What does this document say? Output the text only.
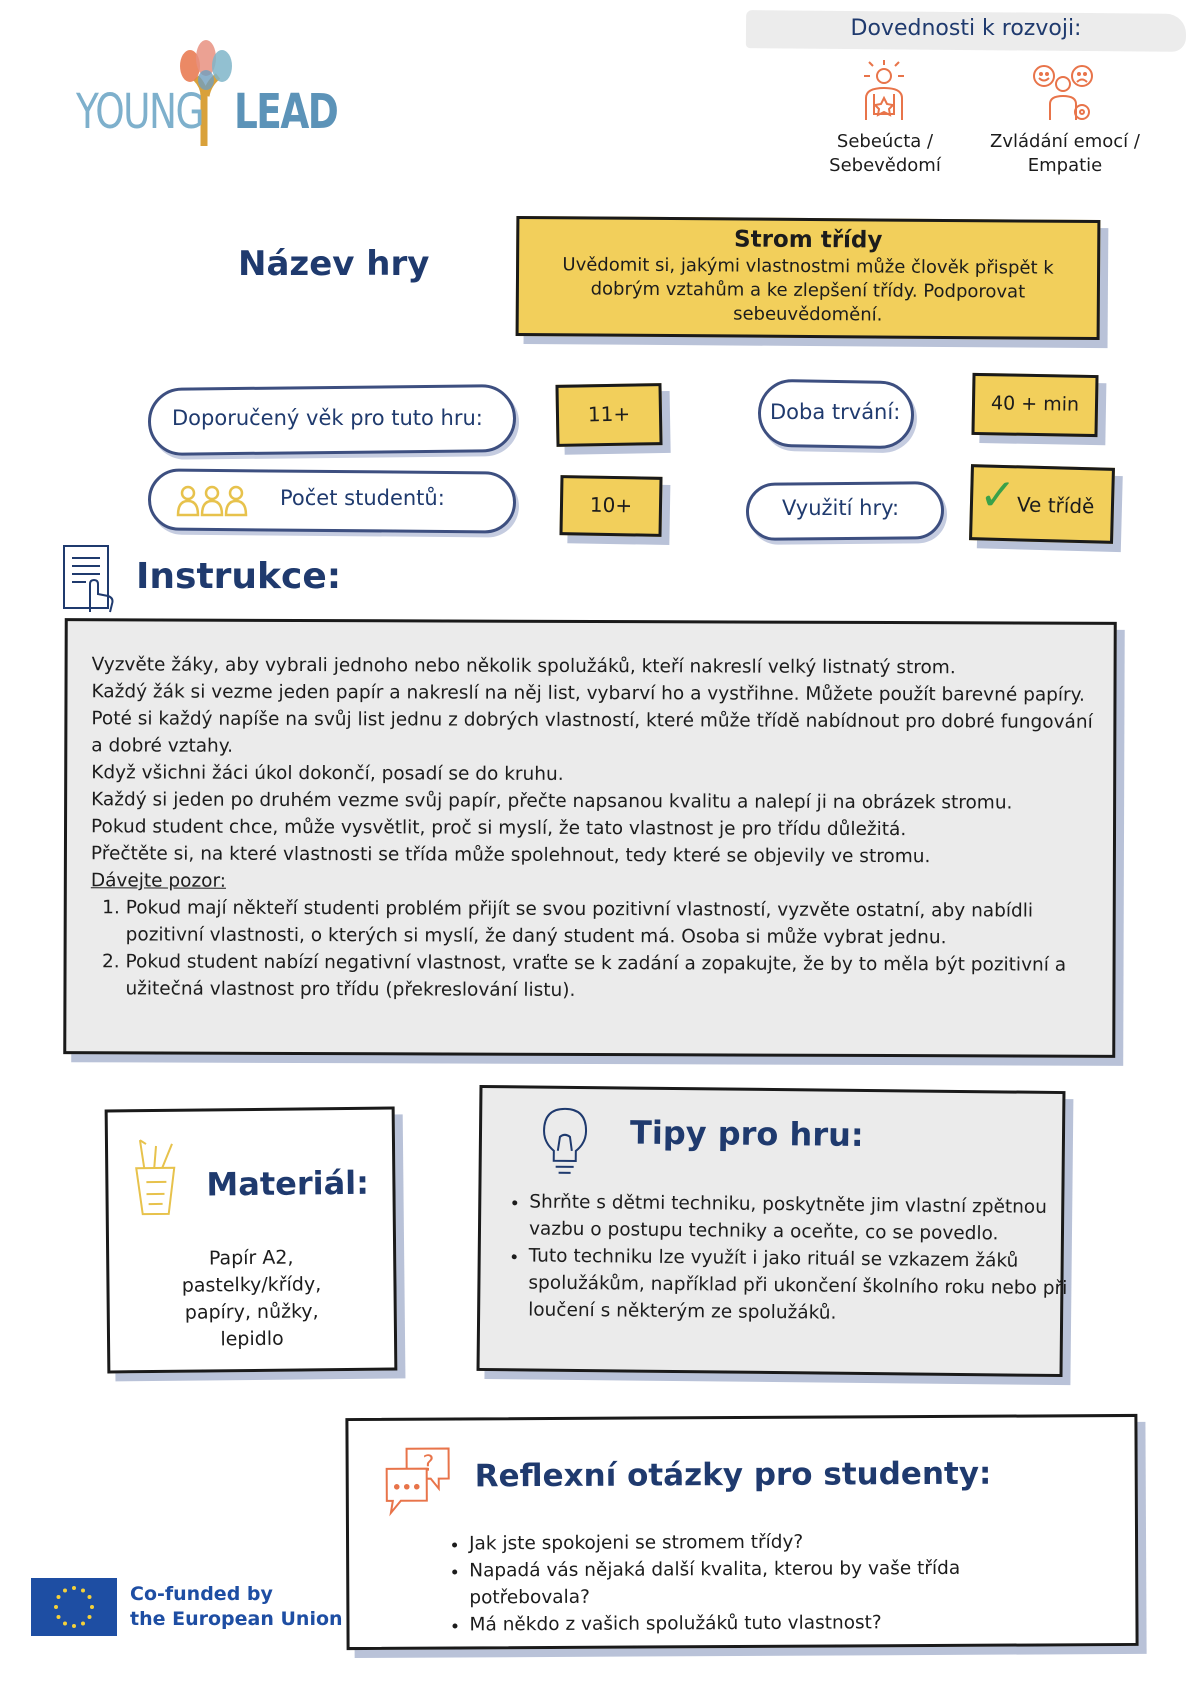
YOUNG LEAD
Dovednosti k rozvoji:
Sebeúcta /
Sebevědomí
Zvládání emocí /
Empatie
Název hry
Strom třídy
Uvědomit si, jakými vlastnostmi může člověk přispět k dobrým vztahům a ke zlepšení třídy. Podporovat sebeuvědomění.
Doporučený věk pro tuto hru:	11+	Doba trvání:	40 + min
Počet studentů:	10+	Využití hry: ✓ Ve třídě
Instrukce:
Vyzvěte žáky, aby vybrali jednoho nebo několik spolužáků, kteří nakreslí velký listnatý strom.
Každý žák si vezme jeden papír a nakreslí na něj list, vybarví ho a vystřihne. Můžete použít barevné papíry.
Poté si každý napíše na svůj list jednu z dobrých vlastností, které může třídě nabídnout pro dobré fungování a dobré vztahy.
Když všichni žáci úkol dokončí, posadí se do kruhu.
Každý si jeden po druhém vezme svůj papír, přečte napsanou kvalitu a nalepí ji na obrázek stromu.
Pokud student chce, může vysvětlit, proč si myslí, že tato vlastnost je pro třídu důležitá.
Přečtěte si, na které vlastnosti se třída může spolehnout, tedy které se objevily ve stromu.
Dávejte pozor:
1. Pokud mají někteří studenti problém přijít se svou pozitivní vlastností, vyzvěte ostatní, aby nabídli pozitivní vlastnosti, o kterých si myslí, že daný student má. Osoba si může vybrat jednu.
2. Pokud student nabízí negativní vlastnost, vraťte se k zadání a zopakujte, že by to měla být pozitivní a užitečná vlastnost pro třídu (překreslování listu).
Materiál:
Papír A2,
pastelky/křídy,
papíry, nůžky,
lepidlo
Tipy pro hru:
• Shrňte s dětmi techniku, poskytněte jim vlastní zpětnou vazbu o postupu techniky a oceňte, co se povedlo.
• Tuto techniku lze využít i jako rituál se vzkazem žáků spolužákům, například při ukončení školního roku nebo při loučení s některým ze spolužáků.
? Reflexní otázky pro studenty:
• Jak jste spokojeni se stromem třídy?
• Napadá vás nějaká další kvalita, kterou by vaše třída potřebovala?
• Má někdo z vašich spolužáků tuto vlastnost?
Co-funded by
the European Union
